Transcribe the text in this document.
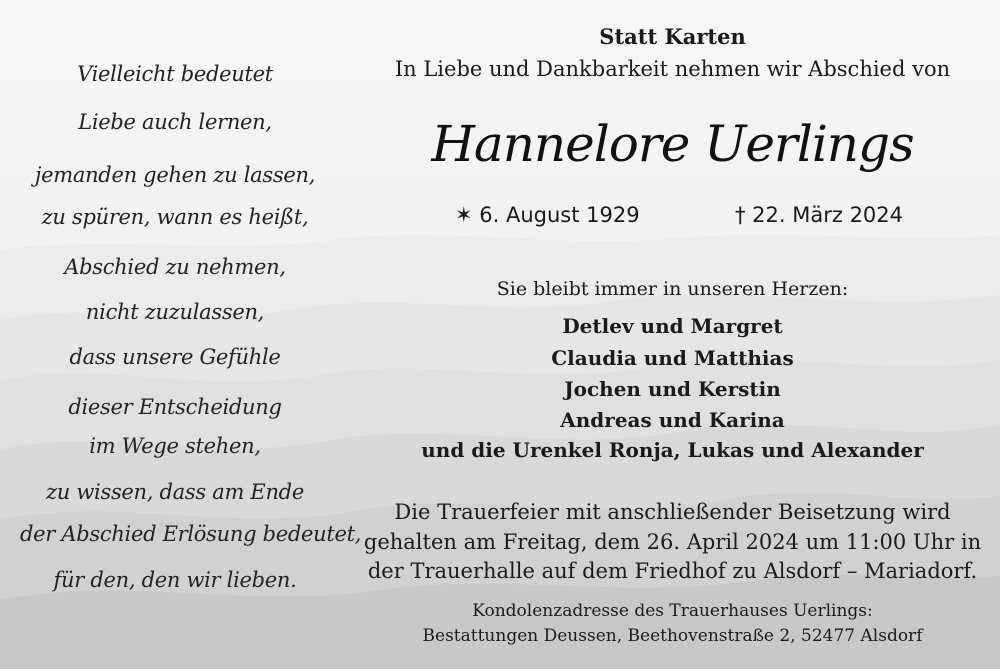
Vielleicht bedeutet
Liebe auch lernen,
jemanden gehen zu lassen,
zu spüren, wann es heißt,
Abschied zu nehmen,
nicht zuzulassen,
dass unsere Gefühle
dieser Entscheidung
im Wege stehen,
zu wissen, dass am Ende
der Abschied Erlösung bedeutet,
für den, den wir lieben.
Statt Karten
In Liebe und Dankbarkeit nehmen wir Abschied von
Hannelore Uerlings
✶ 6. August 1929	† 22. März 2024
Sie bleibt immer in unseren Herzen:
Detlev und Margret
Claudia und Matthias
Jochen und Kerstin
Andreas und Karina
und die Urenkel Ronja, Lukas und Alexander
Die Trauerfeier mit anschließender Beisetzung wird
gehalten am Freitag, dem 26. April 2024 um 11:00 Uhr in
der Trauerhalle auf dem Friedhof zu Alsdorf – Mariadorf.
Kondolenzadresse des Trauerhauses Uerlings:
Bestattungen Deussen, Beethovenstraße 2, 52477 Alsdorf
